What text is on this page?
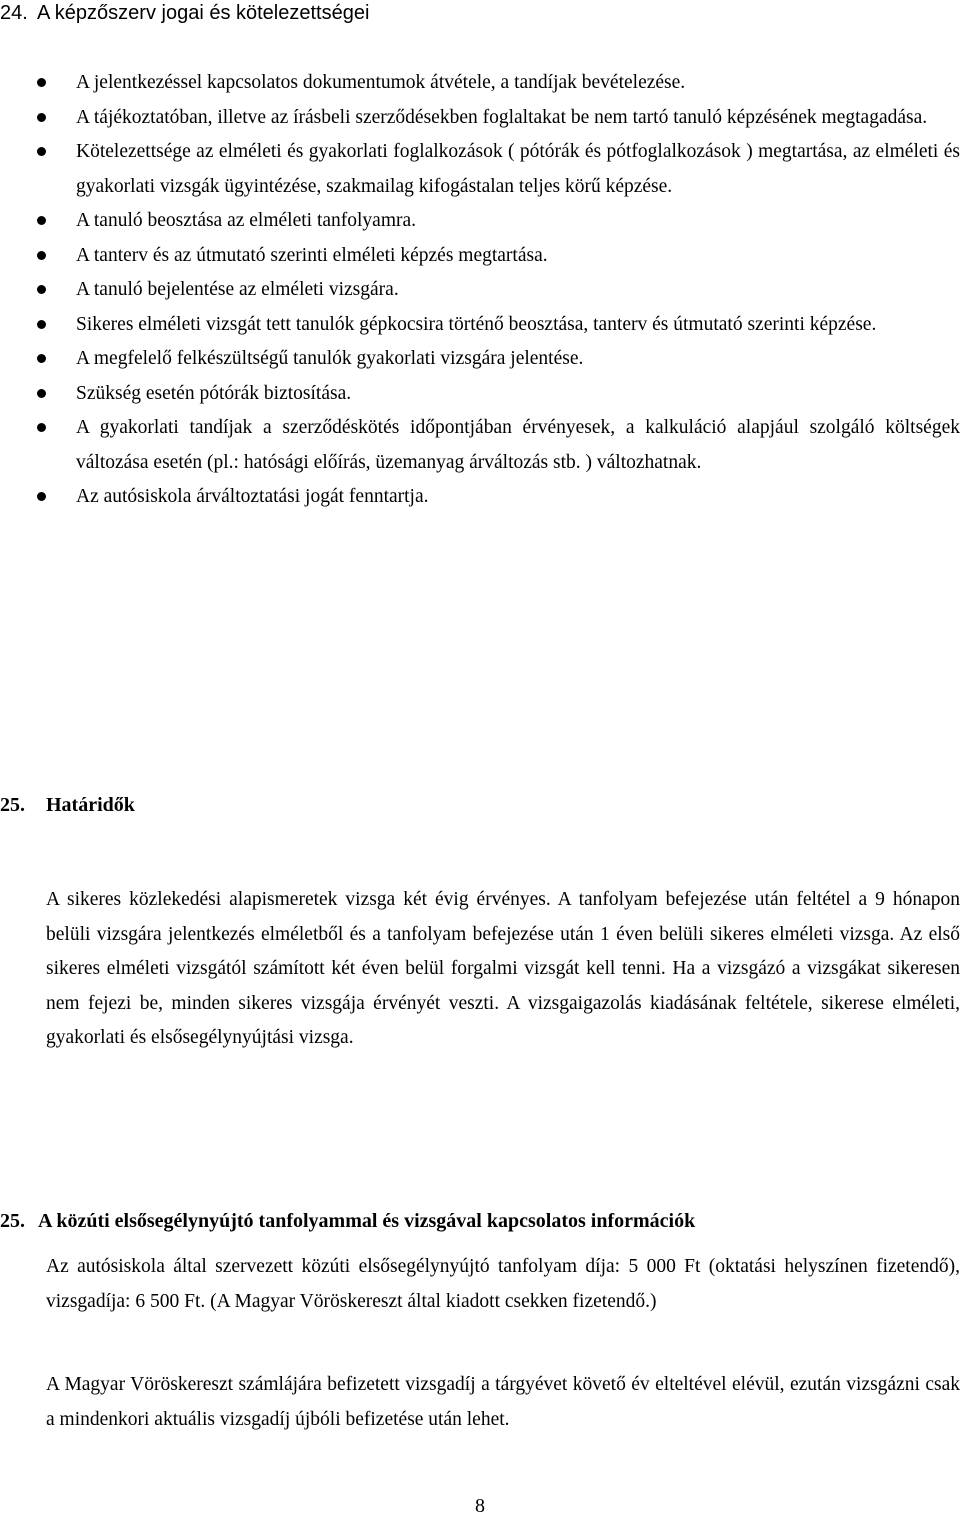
24. A képzőszerv jogai és kötelezettségei
A jelentkezéssel kapcsolatos dokumentumok átvétele, a tandíjak bevételezése.
A tájékoztatóban, illetve az írásbeli szerződésekben foglaltakat be nem tartó tanuló képzésének megtagadása.
Kötelezettsége az elméleti és gyakorlati foglalkozások ( pótórák és pótfoglalkozások ) megtartása, az elméleti és gyakorlati vizsgák ügyintézése, szakmailag kifogástalan teljes körű képzése.
A tanuló beosztása az elméleti tanfolyamra.
A tanterv és az útmutató szerinti elméleti képzés megtartása.
A tanuló bejelentése az elméleti vizsgára.
Sikeres elméleti vizsgát tett tanulók gépkocsira történő beosztása, tanterv és útmutató szerinti képzése.
A megfelelő felkészültségű tanulók gyakorlati vizsgára jelentése.
Szükség esetén pótórák biztosítása.
A gyakorlati tandíjak a szerződéskötés időpontjában érvényesek, a kalkuláció alapjául szolgáló költségek változása esetén (pl.: hatósági előírás, üzemanyag árváltozás stb. ) változhatnak.
Az autósiskola árváltoztatási jogát fenntartja.
25. Határidők

A sikeres közlekedési alapismeretek vizsga két évig érvényes. A tanfolyam befejezése után feltétel a 9 hónapon belüli vizsgára jelentkezés elméletből és a tanfolyam befejezése után 1 éven belüli sikeres elméleti vizsga. Az első sikeres elméleti vizsgától számított két éven belül forgalmi vizsgát kell tenni. Ha a vizsgázó a vizsgákat sikeresen nem fejezi be, minden sikeres vizsgája érvényét veszti. A vizsgaigazolás kiadásának feltétele, sikerese elméleti, gyakorlati és elsősegélynyújtási vizsga.

25. A közúti elsősegélynyújtó tanfolyammal és vizsgával kapcsolatos információk

Az autósiskola által szervezett közúti elsősegélynyújtó tanfolyam díja: 5 000 Ft (oktatási helyszínen fizetendő), vizsgadíja: 6 500 Ft. (A Magyar Vöröskereszt által kiadott csekken fizetendő.)

A Magyar Vöröskereszt számlájára befizetett vizsgadíj a tárgyévet követő év elteltével elévül, ezután vizsgázni csak a mindenkori aktuális vizsgadíj újbóli befizetése után lehet.

8
